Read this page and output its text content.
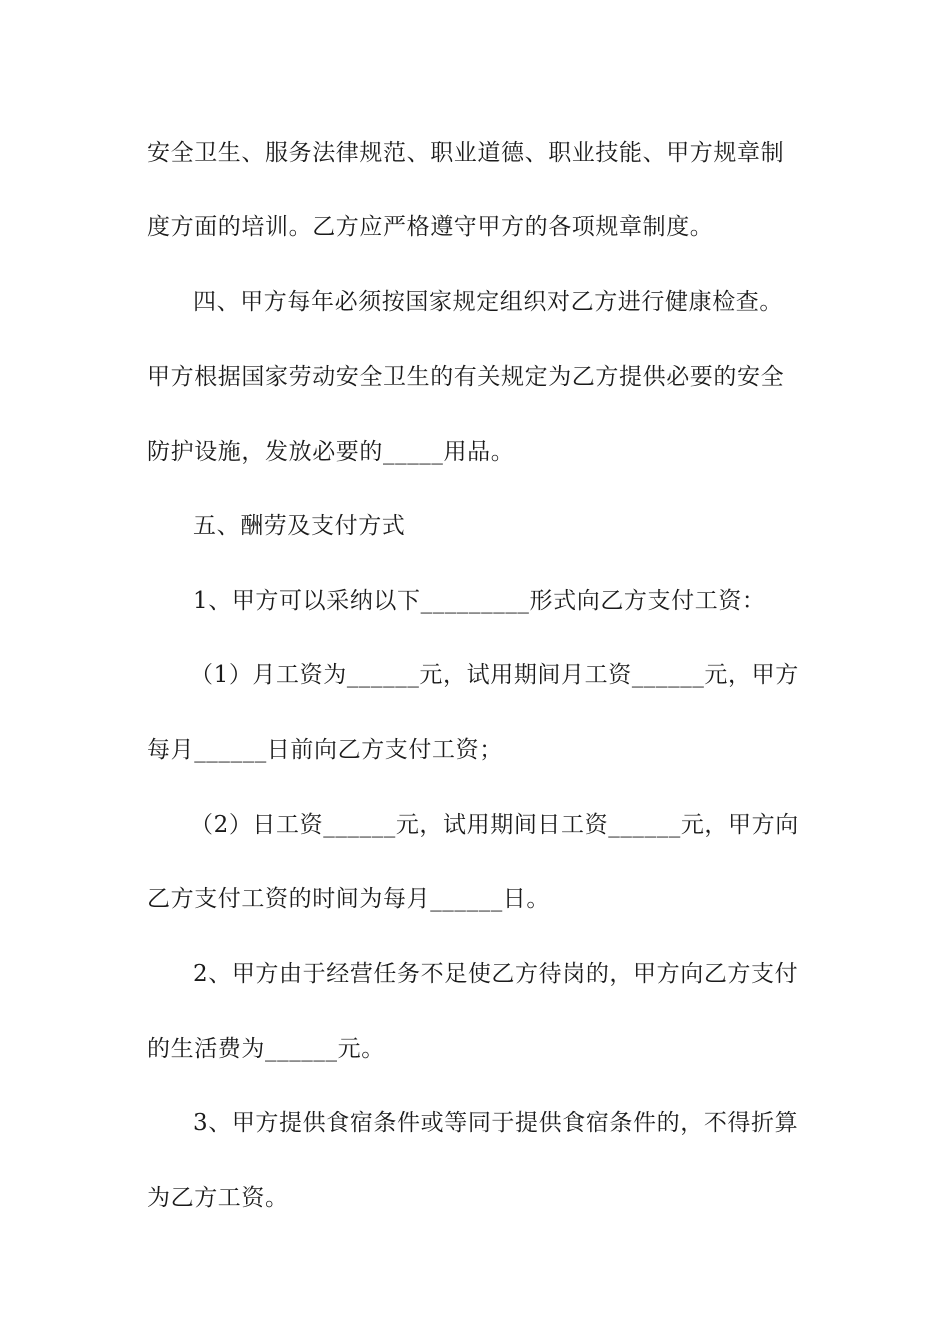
安全卫生、服务法律规范、职业道德、职业技能、甲方规章制
度方面的培训。乙方应严格遵守甲方的各项规章制度。
四、甲方每年必须按国家规定组织对乙方进行健康检查。
甲方根据国家劳动安全卫生的有关规定为乙方提供必要的安全
防护设施，发放必要的_____用品。
五、酬劳及支付方式
1、甲方可以采纳以下_________形式向乙方支付工资：
（1）月工资为______元，试用期间月工资______元，甲方
每月______日前向乙方支付工资；
（2）日工资______元，试用期间日工资______元，甲方向
乙方支付工资的时间为每月______日。
2、甲方由于经营任务不足使乙方待岗的，甲方向乙方支付
的生活费为______元。
3、甲方提供食宿条件或等同于提供食宿条件的，不得折算
为乙方工资。
